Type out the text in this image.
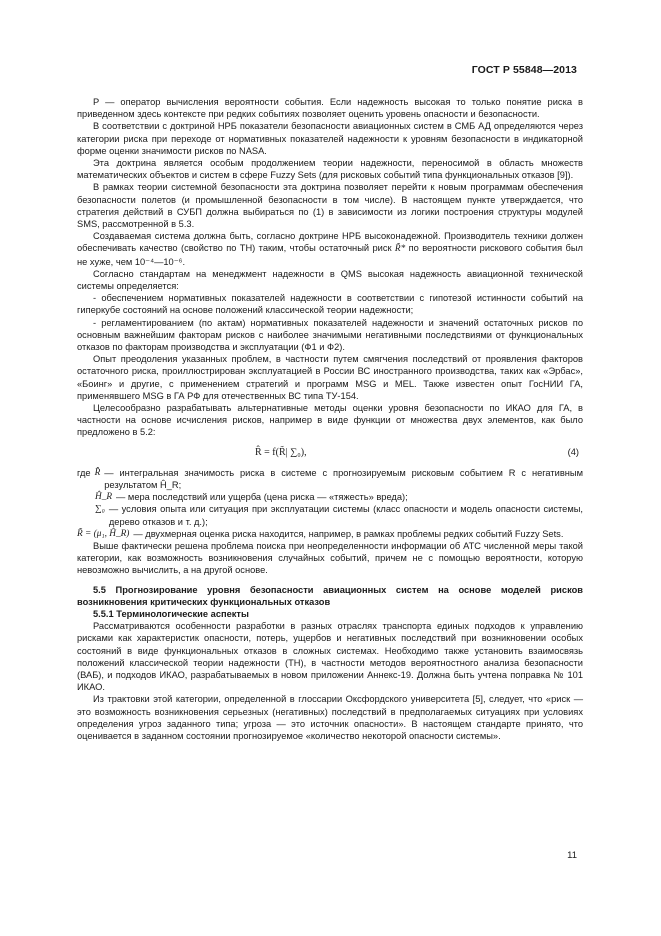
ГОСТ Р 55848—2013

P — оператор вычисления вероятности события. Если надежность высокая то только понятие риска в приведенном здесь контексте при редких событиях позволяет оценить уровень опасности и безопасности.

В соответствии с доктриной НРБ показатели безопасности авиационных систем в СМБ АД определяются через категории риска при переходе от нормативных показателей надежности к уровням безопасности в индикаторной форме оценки значимости рисков по NASA.

Эта доктрина является особым продолжением теории надежности, переносимой в область множеств математических объектов и систем в сфере Fuzzy Sets (для рисковых событий типа функциональных отказов [9]).

В рамках теории системной безопасности эта доктрина позволяет перейти к новым программам обеспечения безопасности полетов (и промышленной безопасности в том числе). В настоящем пункте утверждается, что стратегия действий в СУБП должна выбираться по (1) в зависимости из логики построения структуры модулей SMS, рассмотренной в 5.3.

Создаваемая система должна быть, согласно доктрине НРБ высоконадежной. Производитель техники должен обеспечивать качество (свойство по ТН) таким, чтобы остаточный риск R̃* по вероятности рискового события был не хуже, чем 10⁻⁴—10⁻⁶.

Согласно стандартам на менеджмент надежности в QMS высокая надежность авиационной технической системы определяется:

- обеспечением нормативных показателей надежности в соответствии с гипотезой истинности событий на гиперкубе состояний на основе положений классической теории надежности;

- регламентированием (по актам) нормативных показателей надежности и значений остаточных рисков по основным важнейшим факторам рисков с наиболее значимыми негативными последствиями от функциональных отказов по факторам производства и эксплуатации (Ф1 и Ф2).

Опыт преодоления указанных проблем, в частности путем смягчения последствий от проявления факторов остаточного риска, проиллюстрирован эксплуатацией в России ВС иностранного производства, таких как «Эрбас», «Боинг» и другие, с применением стратегий и программ MSG и MEL. Также известен опыт ГосНИИ ГА, применявшего MSG в ГА РФ для отечественных ВС типа ТУ-154.

Целесообразно разрабатывать альтернативные методы оценки уровня безопасности по ИКАО для ГА, в частности на основе исчисления рисков, например в виде функции от множества двух элементов, как было предложено в 5.2:

R̂ = f(R̃| ∑₀),	(4)
где R̂ — интегральная значимость риска в системе с прогнозируемым рисковым событием R с негативным результатом Ĥ_R;
Ĥ_R — мера последствий или ущерба (цена риска — «тяжесть» вреда);
∑₀ — условия опыта или ситуация при эксплуатации системы (класс опасности и модель опасности системы, дерево отказов и т. д.);
R̃ = (μ₁, Ĥ_R) — двухмерная оценка риска находится, например, в рамках проблемы редких событий Fuzzy Sets.

Выше фактически решена проблема поиска при неопределенности информации об АТС численной меры такой категории, как возможность возникновения случайных событий, причем не с помощью вероятности, которую невозможно вычислить, а на другой основе.

5.5 Прогнозирование уровня безопасности авиационных систем на основе моделей рисков возникновения критических функциональных отказов

5.5.1 Терминологические аспекты

Рассматриваются особенности разработки в разных отраслях транспорта единых подходов к управлению рисками как характеристик опасности, потерь, ущербов и негативных последствий при возникновении особых состояний в виде функциональных отказов в сложных системах. Необходимо также установить взаимосвязь положений классической теории надежности (ТН), в частности методов вероятностного анализа безопасности (ВАБ), и подходов ИКАО, разрабатываемых в новом приложении Аннекс-19. Должна быть учтена поправка № 101 ИКАО.

Из трактовки этой категории, определенной в глоссарии Оксфордского университета [5], следует, что «риск — это возможность возникновения серьезных (негативных) последствий в предполагаемых ситуациях при условиях определения угроз заданного типа; угроза — это источник опасности». В настоящем стандарте принято, что оценивается в заданном состоянии прогнозируемое «количество некоторой опасности системы».

11
